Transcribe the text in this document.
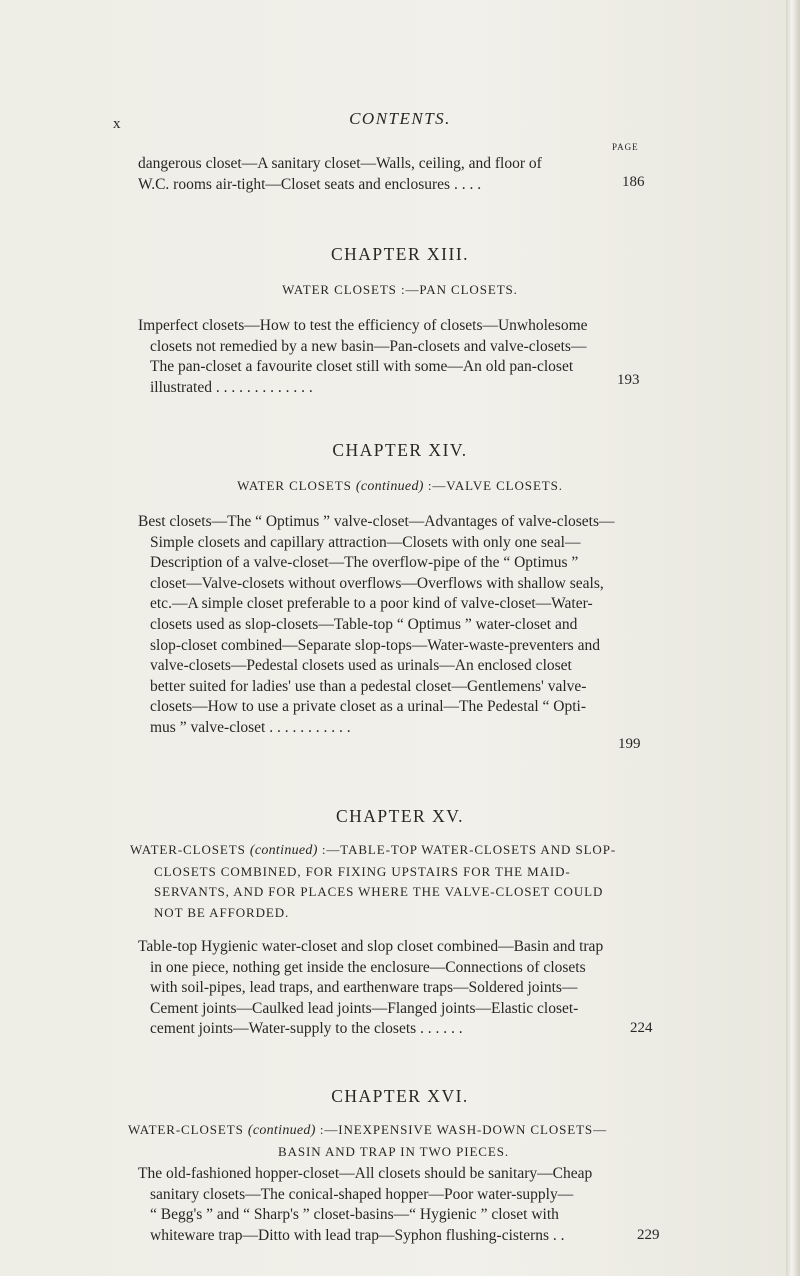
x	CONTENTS.
PAGE

dangerous closet—A sanitary closet—Walls, ceiling, and floor of

W.C. rooms air-tight—Closet seats and enclosures . . . .	186
CHAPTER XIII.
WATER CLOSETS :—PAN CLOSETS.

Imperfect closets—How to test the efficiency of closets—Unwholesome

closets not remedied by a new basin—Pan-closets and valve-closets—

The pan-closet a favourite closet still with some—An old pan-closet

illustrated . . . . . . . . . . . . .	193
CHAPTER XIV.
WATER CLOSETS (continued) :—VALVE CLOSETS.

Best closets—The “ Optimus ” valve-closet—Advantages of valve-closets—

Simple closets and capillary attraction—Closets with only one seal—

Description of a valve-closet—The overflow-pipe of the “ Optimus ”

closet—Valve-closets without overflows—Overflows with shallow seals,

etc.—A simple closet preferable to a poor kind of valve-closet—Water-

closets used as slop-closets—Table-top “ Optimus ” water-closet and

slop-closet combined—Separate slop-tops—Water-waste-preventers and

valve-closets—Pedestal closets used as urinals—An enclosed closet

better suited for ladies' use than a pedestal closet—Gentlemens' valve-

closets—How to use a private closet as a urinal—The Pedestal “ Opti-

mus ” valve-closet . . . . . . . . . . .

199
CHAPTER XV.

WATER-CLOSETS (continued) :—TABLE-TOP WATER-CLOSETS AND SLOP-

CLOSETS COMBINED, FOR FIXING UPSTAIRS FOR THE MAID-

SERVANTS, AND FOR PLACES WHERE THE VALVE-CLOSET COULD

NOT BE AFFORDED.

Table-top Hygienic water-closet and slop closet combined—Basin and trap

in one piece, nothing get inside the enclosure—Connections of closets

with soil-pipes, lead traps, and earthenware traps—Soldered joints—

Cement joints—Caulked lead joints—Flanged joints—Elastic closet-

cement joints—Water-supply to the closets . . . . . .	224
CHAPTER XVI.

WATER-CLOSETS (continued) :—INEXPENSIVE WASH-DOWN CLOSETS—

BASIN AND TRAP IN TWO PIECES.

The old-fashioned hopper-closet—All closets should be sanitary—Cheap

sanitary closets—The conical-shaped hopper—Poor water-supply—

“ Begg's ” and “ Sharp's ” closet-basins—“ Hygienic ” closet with

whiteware trap—Ditto with lead trap—Syphon flushing-cisterns . .	229
